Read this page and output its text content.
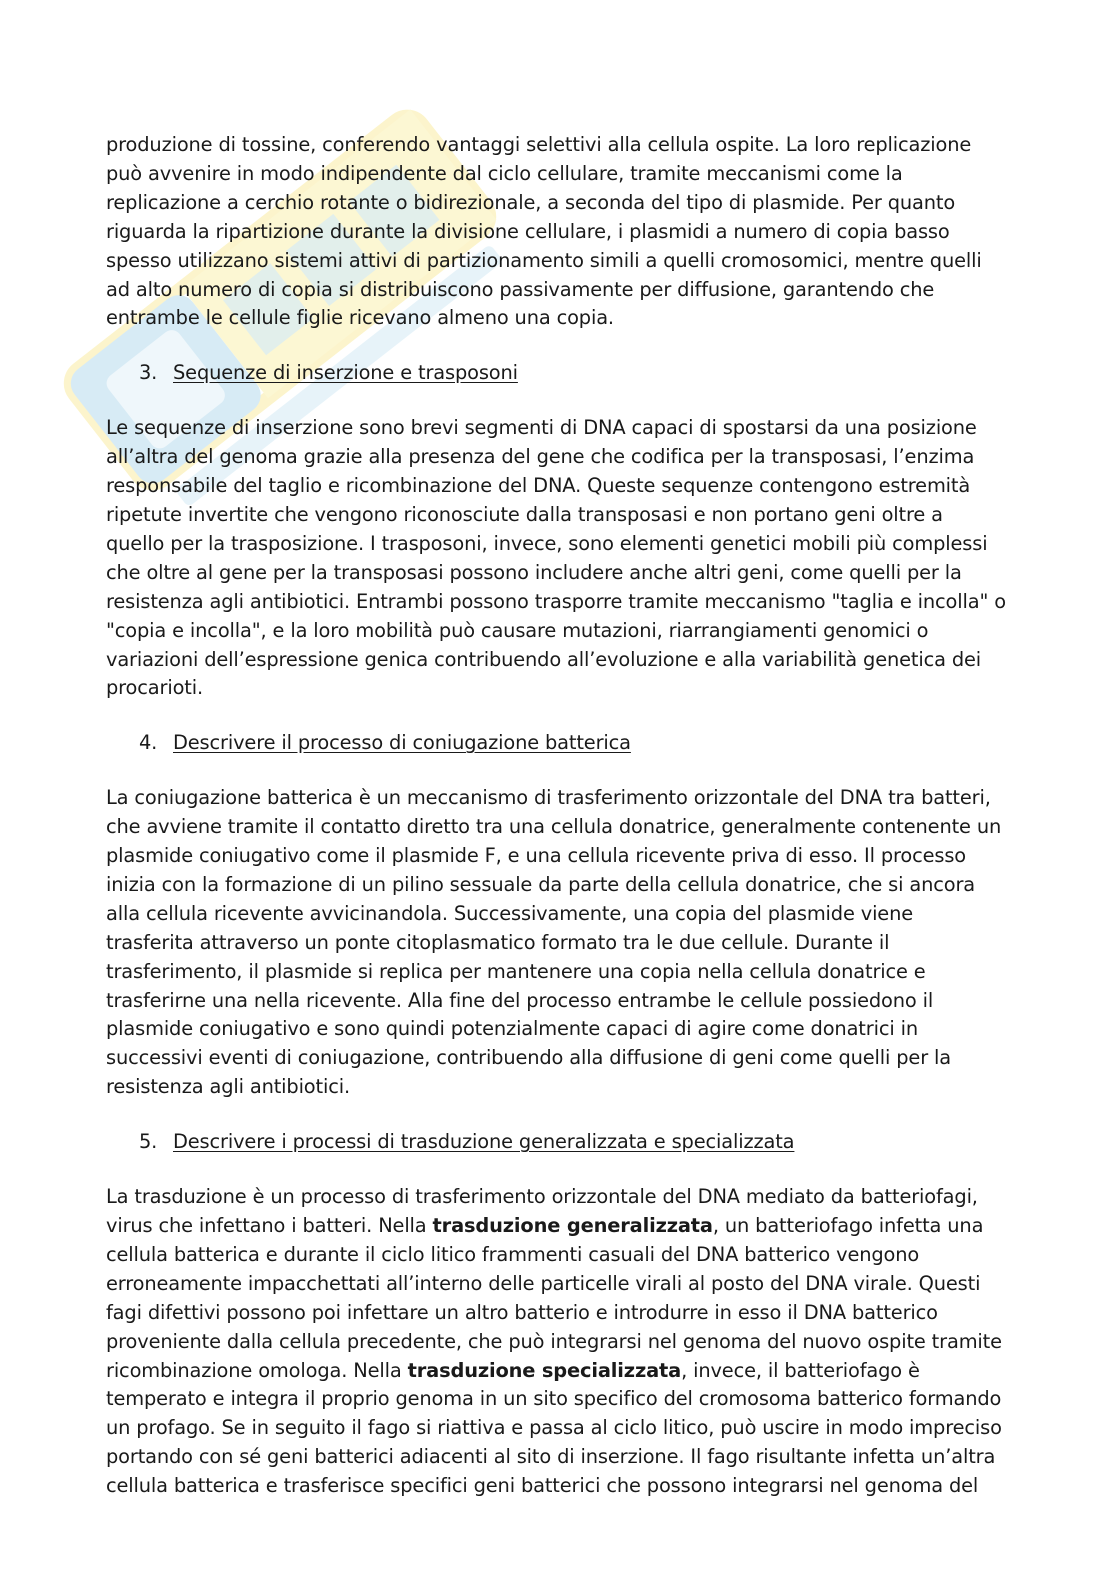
produzione di tossine, conferendo vantaggi selettivi alla cellula ospite. La loro replicazione può avvenire in modo indipendente dal ciclo cellulare, tramite meccanismi come la replicazione a cerchio rotante o bidirezionale, a seconda del tipo di plasmide. Per quanto riguarda la ripartizione durante la divisione cellulare, i plasmidi a numero di copia basso spesso utilizzano sistemi attivi di partizionamento simili a quelli cromosomici, mentre quelli ad alto numero di copia si distribuiscono passivamente per diffusione, garantendo che entrambe le cellule figlie ricevano almeno una copia.

3. Sequenze di inserzione e trasposoni

Le sequenze di inserzione sono brevi segmenti di DNA capaci di spostarsi da una posizione all’altra del genoma grazie alla presenza del gene che codifica per la transposasi, l’enzima responsabile del taglio e ricombinazione del DNA. Queste sequenze contengono estremità ripetute invertite che vengono riconosciute dalla transposasi e non portano geni oltre a quello per la trasposizione. I trasposoni, invece, sono elementi genetici mobili più complessi che oltre al gene per la transposasi possono includere anche altri geni, come quelli per la resistenza agli antibiotici. Entrambi possono trasporre tramite meccanismo "taglia e incolla" o "copia e incolla", e la loro mobilità può causare mutazioni, riarrangiamenti genomici o variazioni dell’espressione genica contribuendo all’evoluzione e alla variabilità genetica dei procarioti.

4. Descrivere il processo di coniugazione batterica

La coniugazione batterica è un meccanismo di trasferimento orizzontale del DNA tra batteri, che avviene tramite il contatto diretto tra una cellula donatrice, generalmente contenente un plasmide coniugativo come il plasmide F, e una cellula ricevente priva di esso. Il processo inizia con la formazione di un pilino sessuale da parte della cellula donatrice, che si ancora alla cellula ricevente avvicinandola. Successivamente, una copia del plasmide viene trasferita attraverso un ponte citoplasmatico formato tra le due cellule. Durante il trasferimento, il plasmide si replica per mantenere una copia nella cellula donatrice e trasferirne una nella ricevente. Alla fine del processo entrambe le cellule possiedono il plasmide coniugativo e sono quindi potenzialmente capaci di agire come donatrici in successivi eventi di coniugazione, contribuendo alla diffusione di geni come quelli per la resistenza agli antibiotici.

5. Descrivere i processi di trasduzione generalizzata e specializzata

La trasduzione è un processo di trasferimento orizzontale del DNA mediato da batteriofagi, virus che infettano i batteri. Nella trasduzione generalizzata, un batteriofago infetta una cellula batterica e durante il ciclo litico frammenti casuali del DNA batterico vengono erroneamente impacchettati all’interno delle particelle virali al posto del DNA virale. Questi fagi difettivi possono poi infettare un altro batterio e introdurre in esso il DNA batterico proveniente dalla cellula precedente, che può integrarsi nel genoma del nuovo ospite tramite ricombinazione omologa. Nella trasduzione specializzata, invece, il batteriofago è temperato e integra il proprio genoma in un sito specifico del cromosoma batterico formando un profago. Se in seguito il fago si riattiva e passa al ciclo litico, può uscire in modo impreciso portando con sé geni batterici adiacenti al sito di inserzione. Il fago risultante infetta un’altra cellula batterica e trasferisce specifici geni batterici che possono integrarsi nel genoma del
